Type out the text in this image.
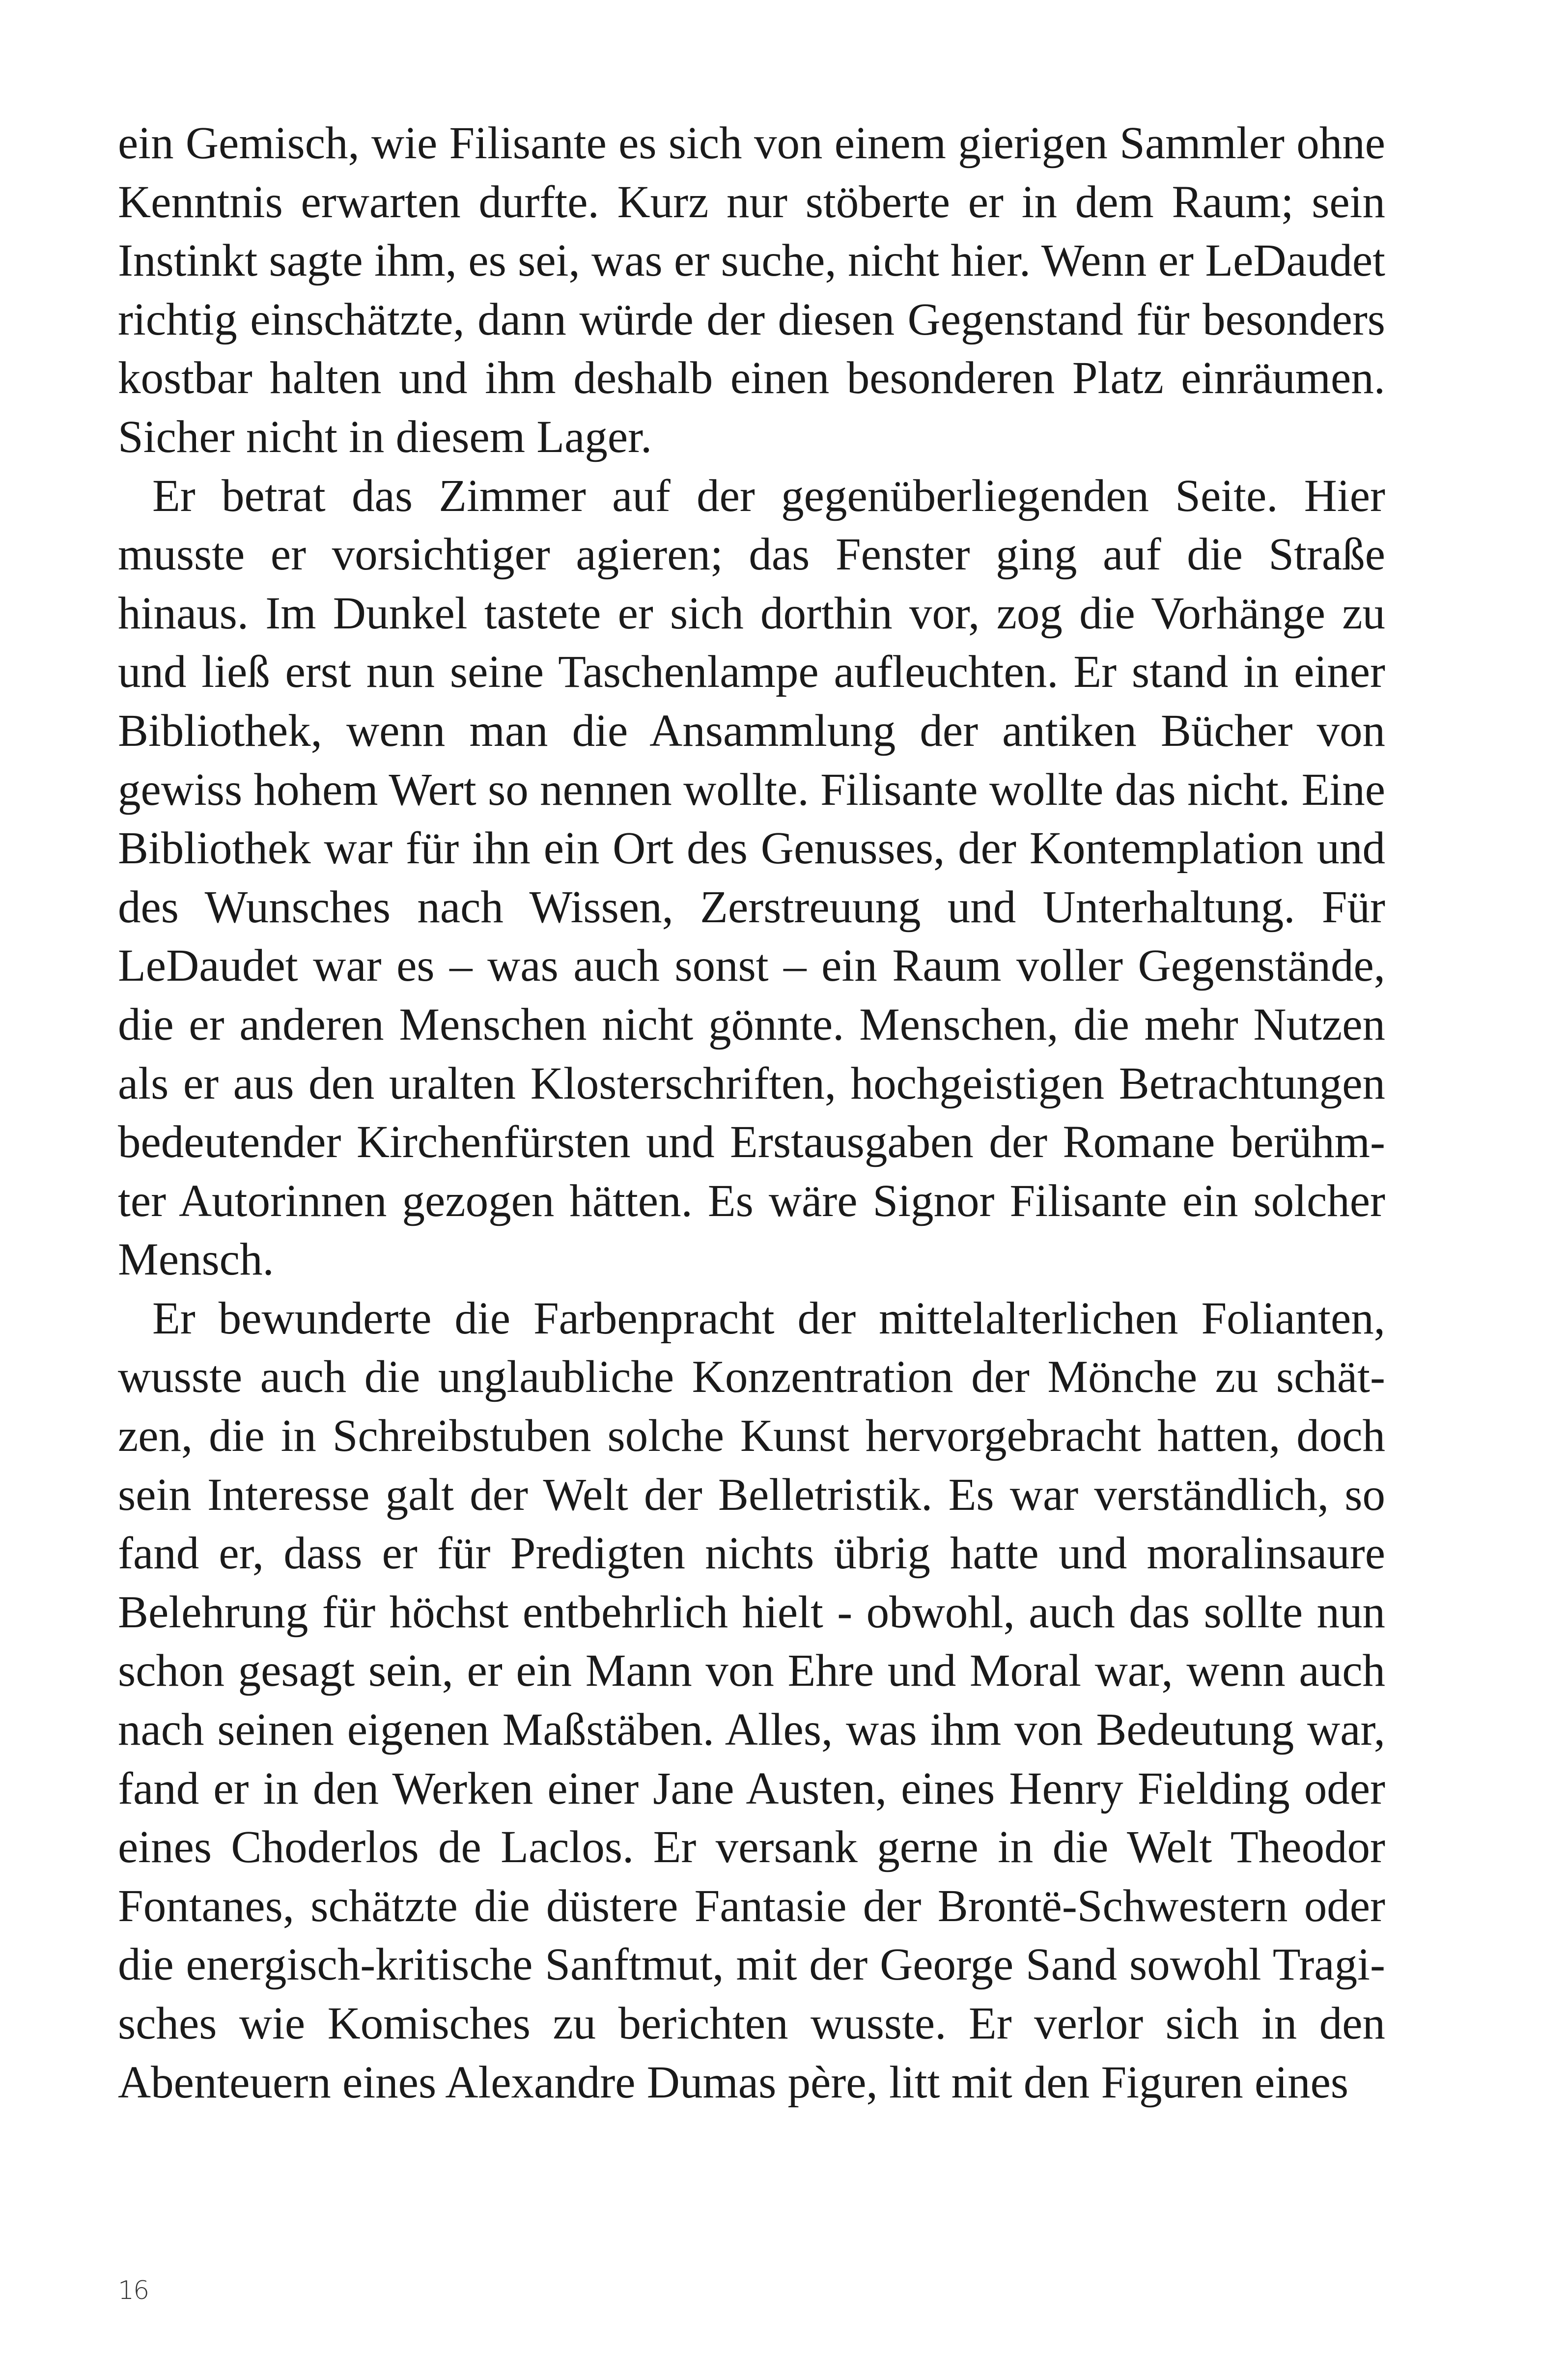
ein Gemisch, wie Filisante es sich von einem gierigen Sammler ohne Kenntnis erwarten durfte. Kurz nur stöberte er in dem Raum; sein Instinkt sagte ihm, es sei, was er suche, nicht hier. Wenn er LeDaudet richtig einschätzte, dann würde der diesen Gegenstand für besonders kostbar halten und ihm deshalb einen besonderen Platz einräumen. Sicher nicht in diesem Lager.

Er betrat das Zimmer auf der gegenüberliegenden Seite. Hier musste er vorsichtiger agieren; das Fenster ging auf die Straße hinaus. Im Dunkel tastete er sich dorthin vor, zog die Vorhänge zu und ließ erst nun seine Taschenlampe aufleuchten. Er stand in einer Bibliothek, wenn man die Ansammlung der antiken Bücher von gewiss hohem Wert so nennen wollte. Filisante wollte das nicht. Eine Bibliothek war für ihn ein Ort des Genusses, der Kontemplation und des Wunsches nach Wissen, Zerstreuung und Unterhaltung. Für LeDaudet war es – was auch sonst – ein Raum voller Gegenstände, die er anderen Menschen nicht gönnte. Menschen, die mehr Nutzen als er aus den uralten Klosterschriften, hochgeistigen Betrachtungen bedeutender Kirchenfürsten und Erstausgaben der Romane berühmter Autorinnen gezogen hätten. Es wäre Signor Filisante ein solcher Mensch.

Er bewunderte die Farbenpracht der mittelalterlichen Folianten, wusste auch die unglaubliche Konzentration der Mönche zu schätzen, die in Schreibstuben solche Kunst hervorgebracht hatten, doch sein Interesse galt der Welt der Belletristik. Es war verständlich, so fand er, dass er für Predigten nichts übrig hatte und moralinsaure Belehrung für höchst entbehrlich hielt - obwohl, auch das sollte nun schon gesagt sein, er ein Mann von Ehre und Moral war, wenn auch nach seinen eigenen Maßstäben. Alles, was ihm von Bedeutung war, fand er in den Werken einer Jane Austen, eines Henry Fielding oder eines Choderlos de Laclos. Er versank gerne in die Welt Theodor Fontanes, schätzte die düstere Fantasie der Brontë-Schwestern oder die energisch-kritische Sanftmut, mit der George Sand sowohl Tragisches wie Komisches zu berichten wusste. Er verlor sich in den Abenteuern eines Alexandre Dumas père, litt mit den Figuren eines

16
